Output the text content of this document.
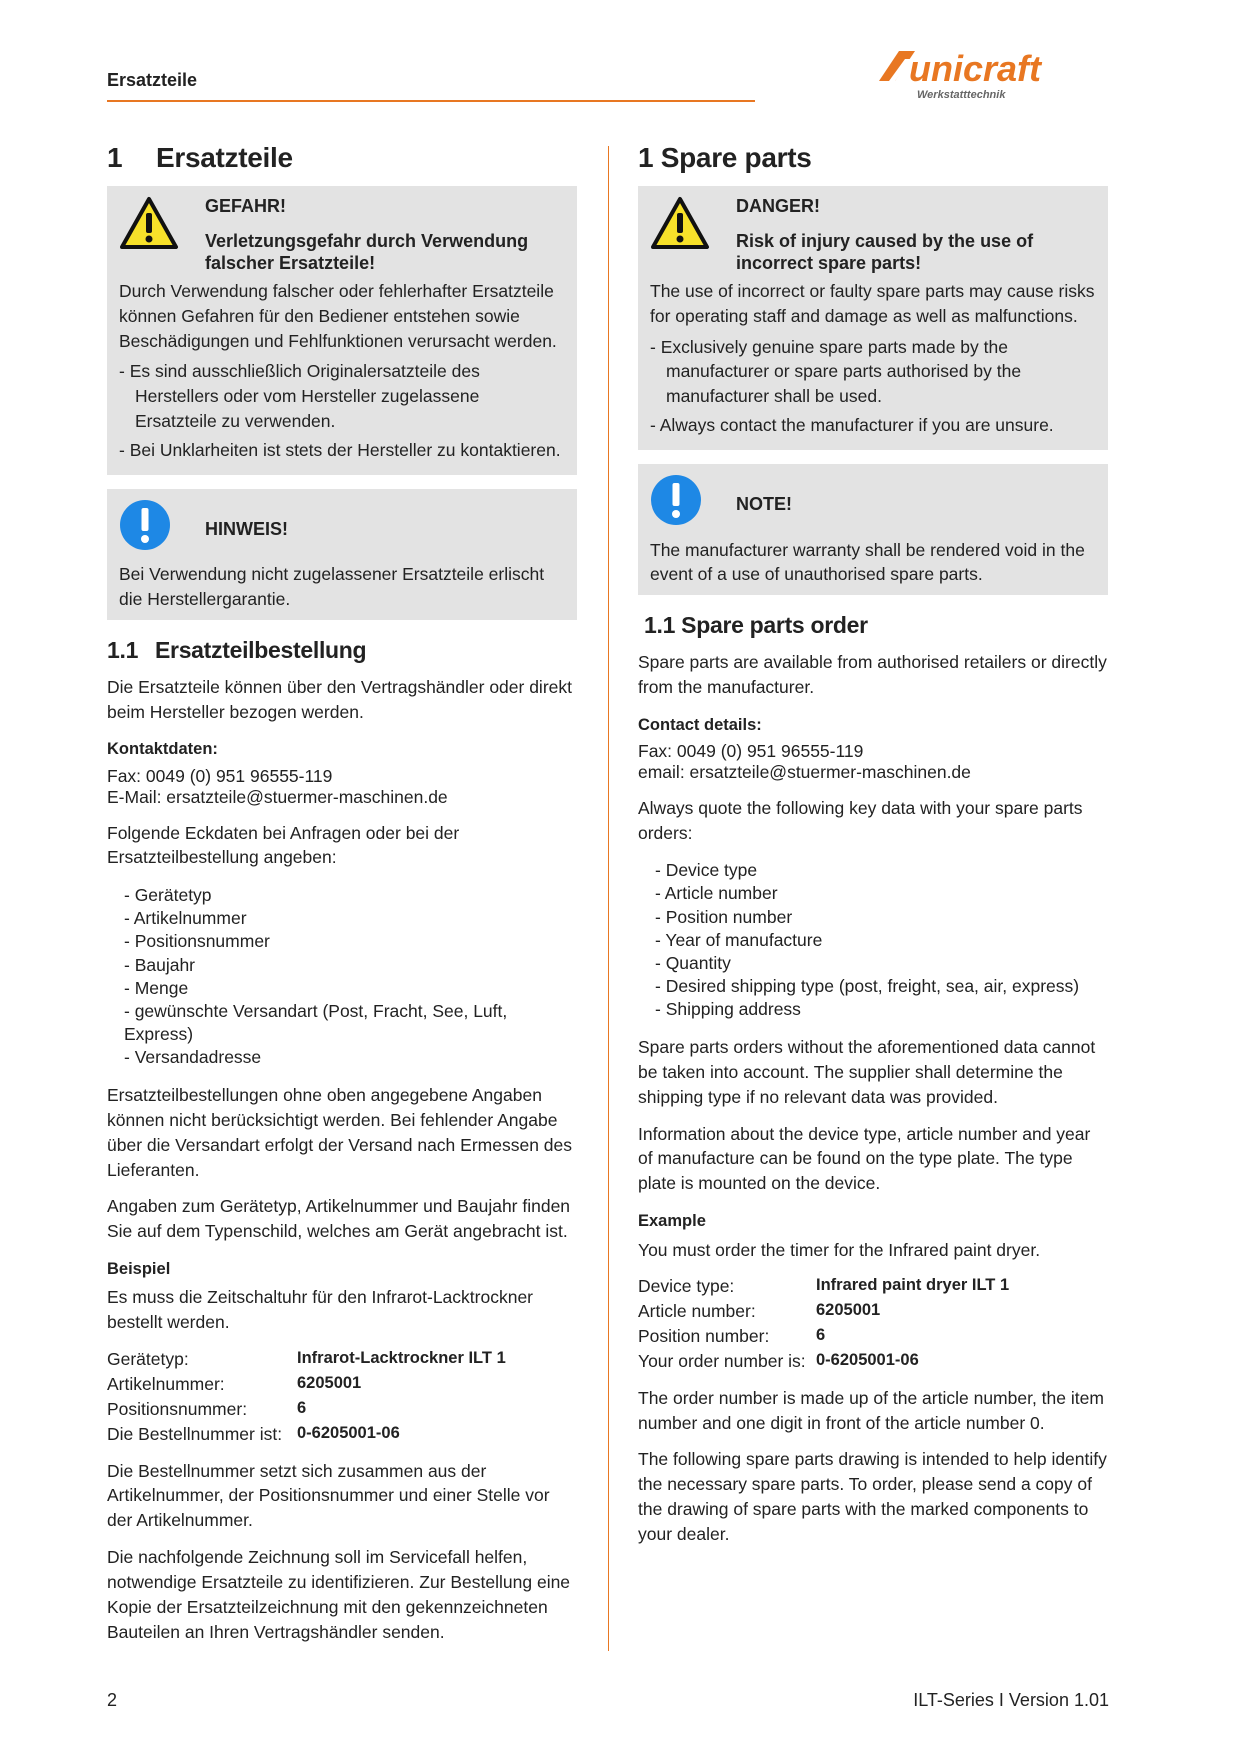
Ersatzteile	unicraft
Werkstatttechnik
1 Ersatzteile
GEFAHR!
Verletzungsgefahr durch Verwendung falscher Ersatzteile!

Durch Verwendung falscher oder fehlerhafter Ersatzteile können Gefahren für den Bediener entstehen sowie Beschädigungen und Fehlfunktionen verursacht werden.

- Es sind ausschließlich Originalersatzteile des Herstellers oder vom Hersteller zugelassene Ersatzteile zu verwenden.
- Bei Unklarheiten ist stets der Hersteller zu kontaktieren.
HINWEIS!

Bei Verwendung nicht zugelassener Ersatzteile erlischt die Herstellergarantie.

1.1 Ersatzteilbestellung

Die Ersatzteile können über den Vertragshändler oder direkt beim Hersteller bezogen werden.

Kontaktdaten:
Fax: 0049 (0) 951 96555-119
E-Mail: ersatzteile@stuermer-maschinen.de

Folgende Eckdaten bei Anfragen oder bei der Ersatzteilbestellung angeben:

- Gerätetyp
- Artikelnummer
- Positionsnummer
- Baujahr
- Menge
- gewünschte Versandart (Post, Fracht, See, Luft, Express)
- Versandadresse

Ersatzteilbestellungen ohne oben angegebene Angaben können nicht berücksichtigt werden. Bei fehlender Angabe über die Versandart erfolgt der Versand nach Ermessen des Lieferanten.

Angaben zum Gerätetyp, Artikelnummer und Baujahr finden Sie auf dem Typenschild, welches am Gerät angebracht ist.

Beispiel

Es muss die Zeitschaltuhr für den Infrarot-Lacktrockner bestellt werden.

Gerätetyp:	Infrarot-Lacktrockner ILT 1
Artikelnummer:	6205001
Positionsnummer:	6
Die Bestellnummer ist: 0-6205001-06

Die Bestellnummer setzt sich zusammen aus der Artikelnummer, der Positionsnummer und einer Stelle vor der Artikelnummer.

Die nachfolgende Zeichnung soll im Servicefall helfen, notwendige Ersatzteile zu identifizieren. Zur Bestellung eine Kopie der Ersatzteilzeichnung mit den gekennzeichneten Bauteilen an Ihren Vertragshändler senden.

1 Spare parts
DANGER!
Risk of injury caused by the use of incorrect spare parts!

The use of incorrect or faulty spare parts may cause risks for operating staff and damage as well as malfunctions.

- Exclusively genuine spare parts made by the manufacturer or spare parts authorised by the manufacturer shall be used.
- Always contact the manufacturer if you are unsure.
NOTE!

The manufacturer warranty shall be rendered void in the event of a use of unauthorised spare parts.

1.1 Spare parts order

Spare parts are available from authorised retailers or directly from the manufacturer.

Contact details:
Fax: 0049 (0) 951 96555-119
email: ersatzteile@stuermer-maschinen.de

Always quote the following key data with your spare parts orders:

- Device type
- Article number
- Position number
- Year of manufacture
- Quantity
- Desired shipping type (post, freight, sea, air, express)
- Shipping address

Spare parts orders without the aforementioned data cannot be taken into account. The supplier shall determine the shipping type if no relevant data was provided.

Information about the device type, article number and year of manufacture can be found on the type plate. The type plate is mounted on the device.

Example

You must order the timer for the Infrared paint dryer.

Device type:	Infrared paint dryer ILT 1
Article number:	6205001
Position number:	6
Your order number is: 0-6205001-06

The order number is made up of the article number, the item number and one digit in front of the article number 0.

The following spare parts drawing is intended to help identify the necessary spare parts. To order, please send a copy of the drawing of spare parts with the marked components to your dealer.

2	ILT-Series I Version 1.01
